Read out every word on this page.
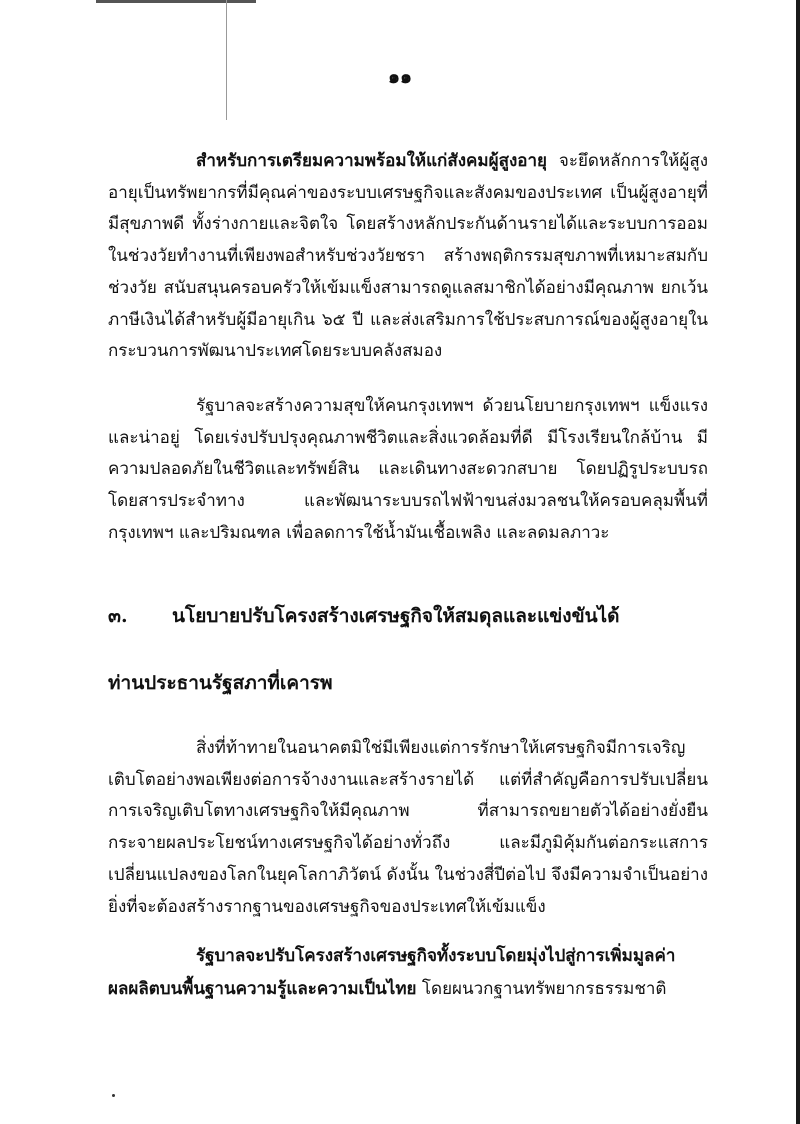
๑๑
สำหรับการเตรียมความพร้อมให้แก่สังคมผู้สูงอายุ จะยึดหลักการให้ผู้สูงอายุเป็นทรัพยากรที่มีคุณค่าของระบบเศรษฐกิจและสังคมของประเทศ เป็นผู้สูงอายุที่มีสุขภาพดี ทั้งร่างกายและจิตใจ โดยสร้างหลักประกันด้านรายได้และระบบการออมในช่วงวัยทำงานที่เพียงพอสำหรับช่วงวัยชรา สร้างพฤติกรรมสุขภาพที่เหมาะสมกับช่วงวัย สนับสนุนครอบครัวให้เข้มแข็งสามารถดูแลสมาชิกได้อย่างมีคุณภาพ ยกเว้นภาษีเงินได้สำหรับผู้มีอายุเกิน ๖๕ ปี และส่งเสริมการใช้ประสบการณ์ของผู้สูงอายุในกระบวนการพัฒนาประเทศโดยระบบคลังสมอง
รัฐบาลจะสร้างความสุขให้คนกรุงเทพฯ ด้วยนโยบายกรุงเทพฯ แข็งแรงและน่าอยู่ โดยเร่งปรับปรุงคุณภาพชีวิตและสิ่งแวดล้อมที่ดี มีโรงเรียนใกล้บ้าน มีความปลอดภัยในชีวิตและทรัพย์สิน และเดินทางสะดวกสบาย โดยปฏิรูประบบรถโดยสารประจำทาง และพัฒนาระบบรถไฟฟ้าขนส่งมวลชนให้ครอบคลุมพื้นที่กรุงเทพฯ และปริมณฑล เพื่อลดการใช้น้ำมันเชื้อเพลิง และลดมลภาวะ
๓. นโยบายปรับโครงสร้างเศรษฐกิจให้สมดุลและแข่งขันได้
ท่านประธานรัฐสภาที่เคารพ
สิ่งที่ท้าทายในอนาคตมิใช่มีเพียงแต่การรักษาให้เศรษฐกิจมีการเจริญเติบโตอย่างพอเพียงต่อการจ้างงานและสร้างรายได้ แต่ที่สำคัญคือการปรับเปลี่ยนการเจริญเติบโตทางเศรษฐกิจให้มีคุณภาพ ที่สามารถขยายตัวได้อย่างยั่งยืน กระจายผลประโยชน์ทางเศรษฐกิจได้อย่างทั่วถึง และมีภูมิคุ้มกันต่อกระแสการเปลี่ยนแปลงของโลกในยุคโลกาภิวัตน์ ดังนั้น ในช่วงสี่ปีต่อไป จึงมีความจำเป็นอย่างยิ่งที่จะต้องสร้างรากฐานของเศรษฐกิจของประเทศให้เข้มแข็ง
รัฐบาลจะปรับโครงสร้างเศรษฐกิจทั้งระบบโดยมุ่งไปสู่การเพิ่มมูลค่าผลผลิตบนพื้นฐานความรู้และความเป็นไทย โดยผนวกฐานทรัพยากรธรรมชาติ
